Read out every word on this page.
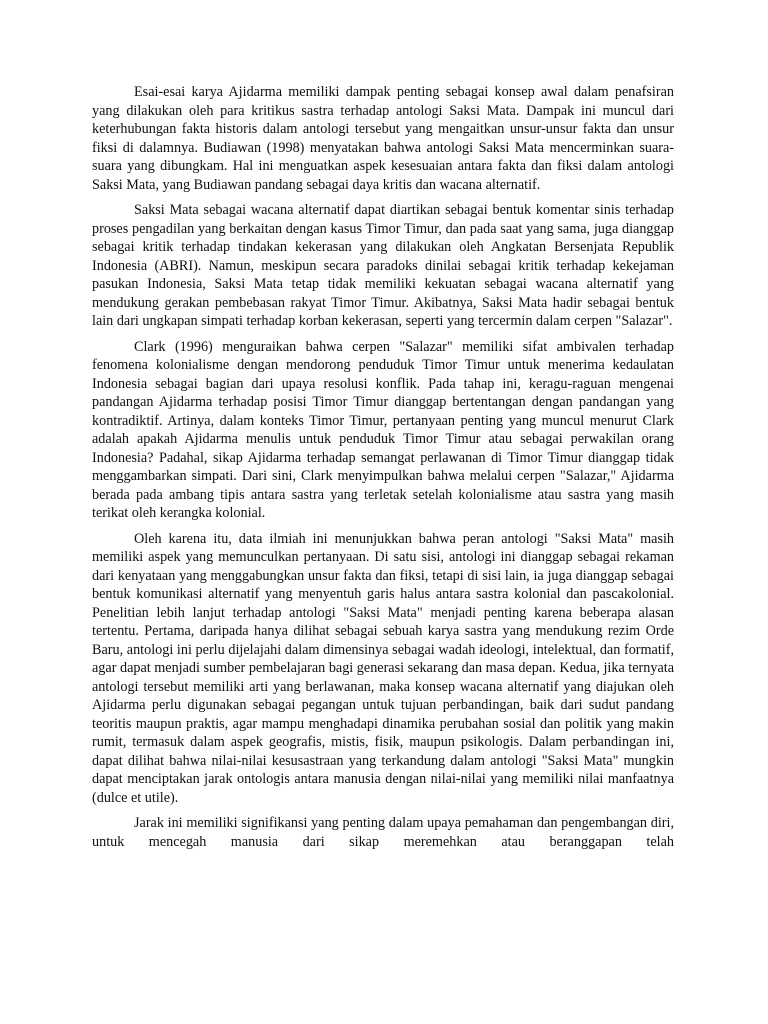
Esai-esai karya Ajidarma memiliki dampak penting sebagai konsep awal dalam penafsiran yang dilakukan oleh para kritikus sastra terhadap antologi Saksi Mata. Dampak ini muncul dari keterhubungan fakta historis dalam antologi tersebut yang mengaitkan unsur-unsur fakta dan unsur fiksi di dalamnya. Budiawan (1998) menyatakan bahwa antologi Saksi Mata mencerminkan suara-suara yang dibungkam. Hal ini menguatkan aspek kesesuaian antara fakta dan fiksi dalam antologi Saksi Mata, yang Budiawan pandang sebagai daya kritis dan wacana alternatif.

Saksi Mata sebagai wacana alternatif dapat diartikan sebagai bentuk komentar sinis terhadap proses pengadilan yang berkaitan dengan kasus Timor Timur, dan pada saat yang sama, juga dianggap sebagai kritik terhadap tindakan kekerasan yang dilakukan oleh Angkatan Bersenjata Republik Indonesia (ABRI). Namun, meskipun secara paradoks dinilai sebagai kritik terhadap kekejaman pasukan Indonesia, Saksi Mata tetap tidak memiliki kekuatan sebagai wacana alternatif yang mendukung gerakan pembebasan rakyat Timor Timur. Akibatnya, Saksi Mata hadir sebagai bentuk lain dari ungkapan simpati terhadap korban kekerasan, seperti yang tercermin dalam cerpen "Salazar".

Clark (1996) menguraikan bahwa cerpen "Salazar" memiliki sifat ambivalen terhadap fenomena kolonialisme dengan mendorong penduduk Timor Timur untuk menerima kedaulatan Indonesia sebagai bagian dari upaya resolusi konflik. Pada tahap ini, keragu-raguan mengenai pandangan Ajidarma terhadap posisi Timor Timur dianggap bertentangan dengan pandangan yang kontradiktif. Artinya, dalam konteks Timor Timur, pertanyaan penting yang muncul menurut Clark adalah apakah Ajidarma menulis untuk penduduk Timor Timur atau sebagai perwakilan orang Indonesia? Padahal, sikap Ajidarma terhadap semangat perlawanan di Timor Timur dianggap tidak menggambarkan simpati. Dari sini, Clark menyimpulkan bahwa melalui cerpen "Salazar," Ajidarma berada pada ambang tipis antara sastra yang terletak setelah kolonialisme atau sastra yang masih terikat oleh kerangka kolonial.

Oleh karena itu, data ilmiah ini menunjukkan bahwa peran antologi "Saksi Mata" masih memiliki aspek yang memunculkan pertanyaan. Di satu sisi, antologi ini dianggap sebagai rekaman dari kenyataan yang menggabungkan unsur fakta dan fiksi, tetapi di sisi lain, ia juga dianggap sebagai bentuk komunikasi alternatif yang menyentuh garis halus antara sastra kolonial dan pascakolonial. Penelitian lebih lanjut terhadap antologi "Saksi Mata" menjadi penting karena beberapa alasan tertentu. Pertama, daripada hanya dilihat sebagai sebuah karya sastra yang mendukung rezim Orde Baru, antologi ini perlu dijelajahi dalam dimensinya sebagai wadah ideologi, intelektual, dan formatif, agar dapat menjadi sumber pembelajaran bagi generasi sekarang dan masa depan. Kedua, jika ternyata antologi tersebut memiliki arti yang berlawanan, maka konsep wacana alternatif yang diajukan oleh Ajidarma perlu digunakan sebagai pegangan untuk tujuan perbandingan, baik dari sudut pandang teoritis maupun praktis, agar mampu menghadapi dinamika perubahan sosial dan politik yang makin rumit, termasuk dalam aspek geografis, mistis, fisik, maupun psikologis. Dalam perbandingan ini, dapat dilihat bahwa nilai-nilai kesusastraan yang terkandung dalam antologi "Saksi Mata" mungkin dapat menciptakan jarak ontologis antara manusia dengan nilai-nilai yang memiliki nilai manfaatnya (dulce et utile).

Jarak ini memiliki signifikansi yang penting dalam upaya pemahaman dan pengembangan diri, untuk mencegah manusia dari sikap meremehkan atau beranggapan telah
